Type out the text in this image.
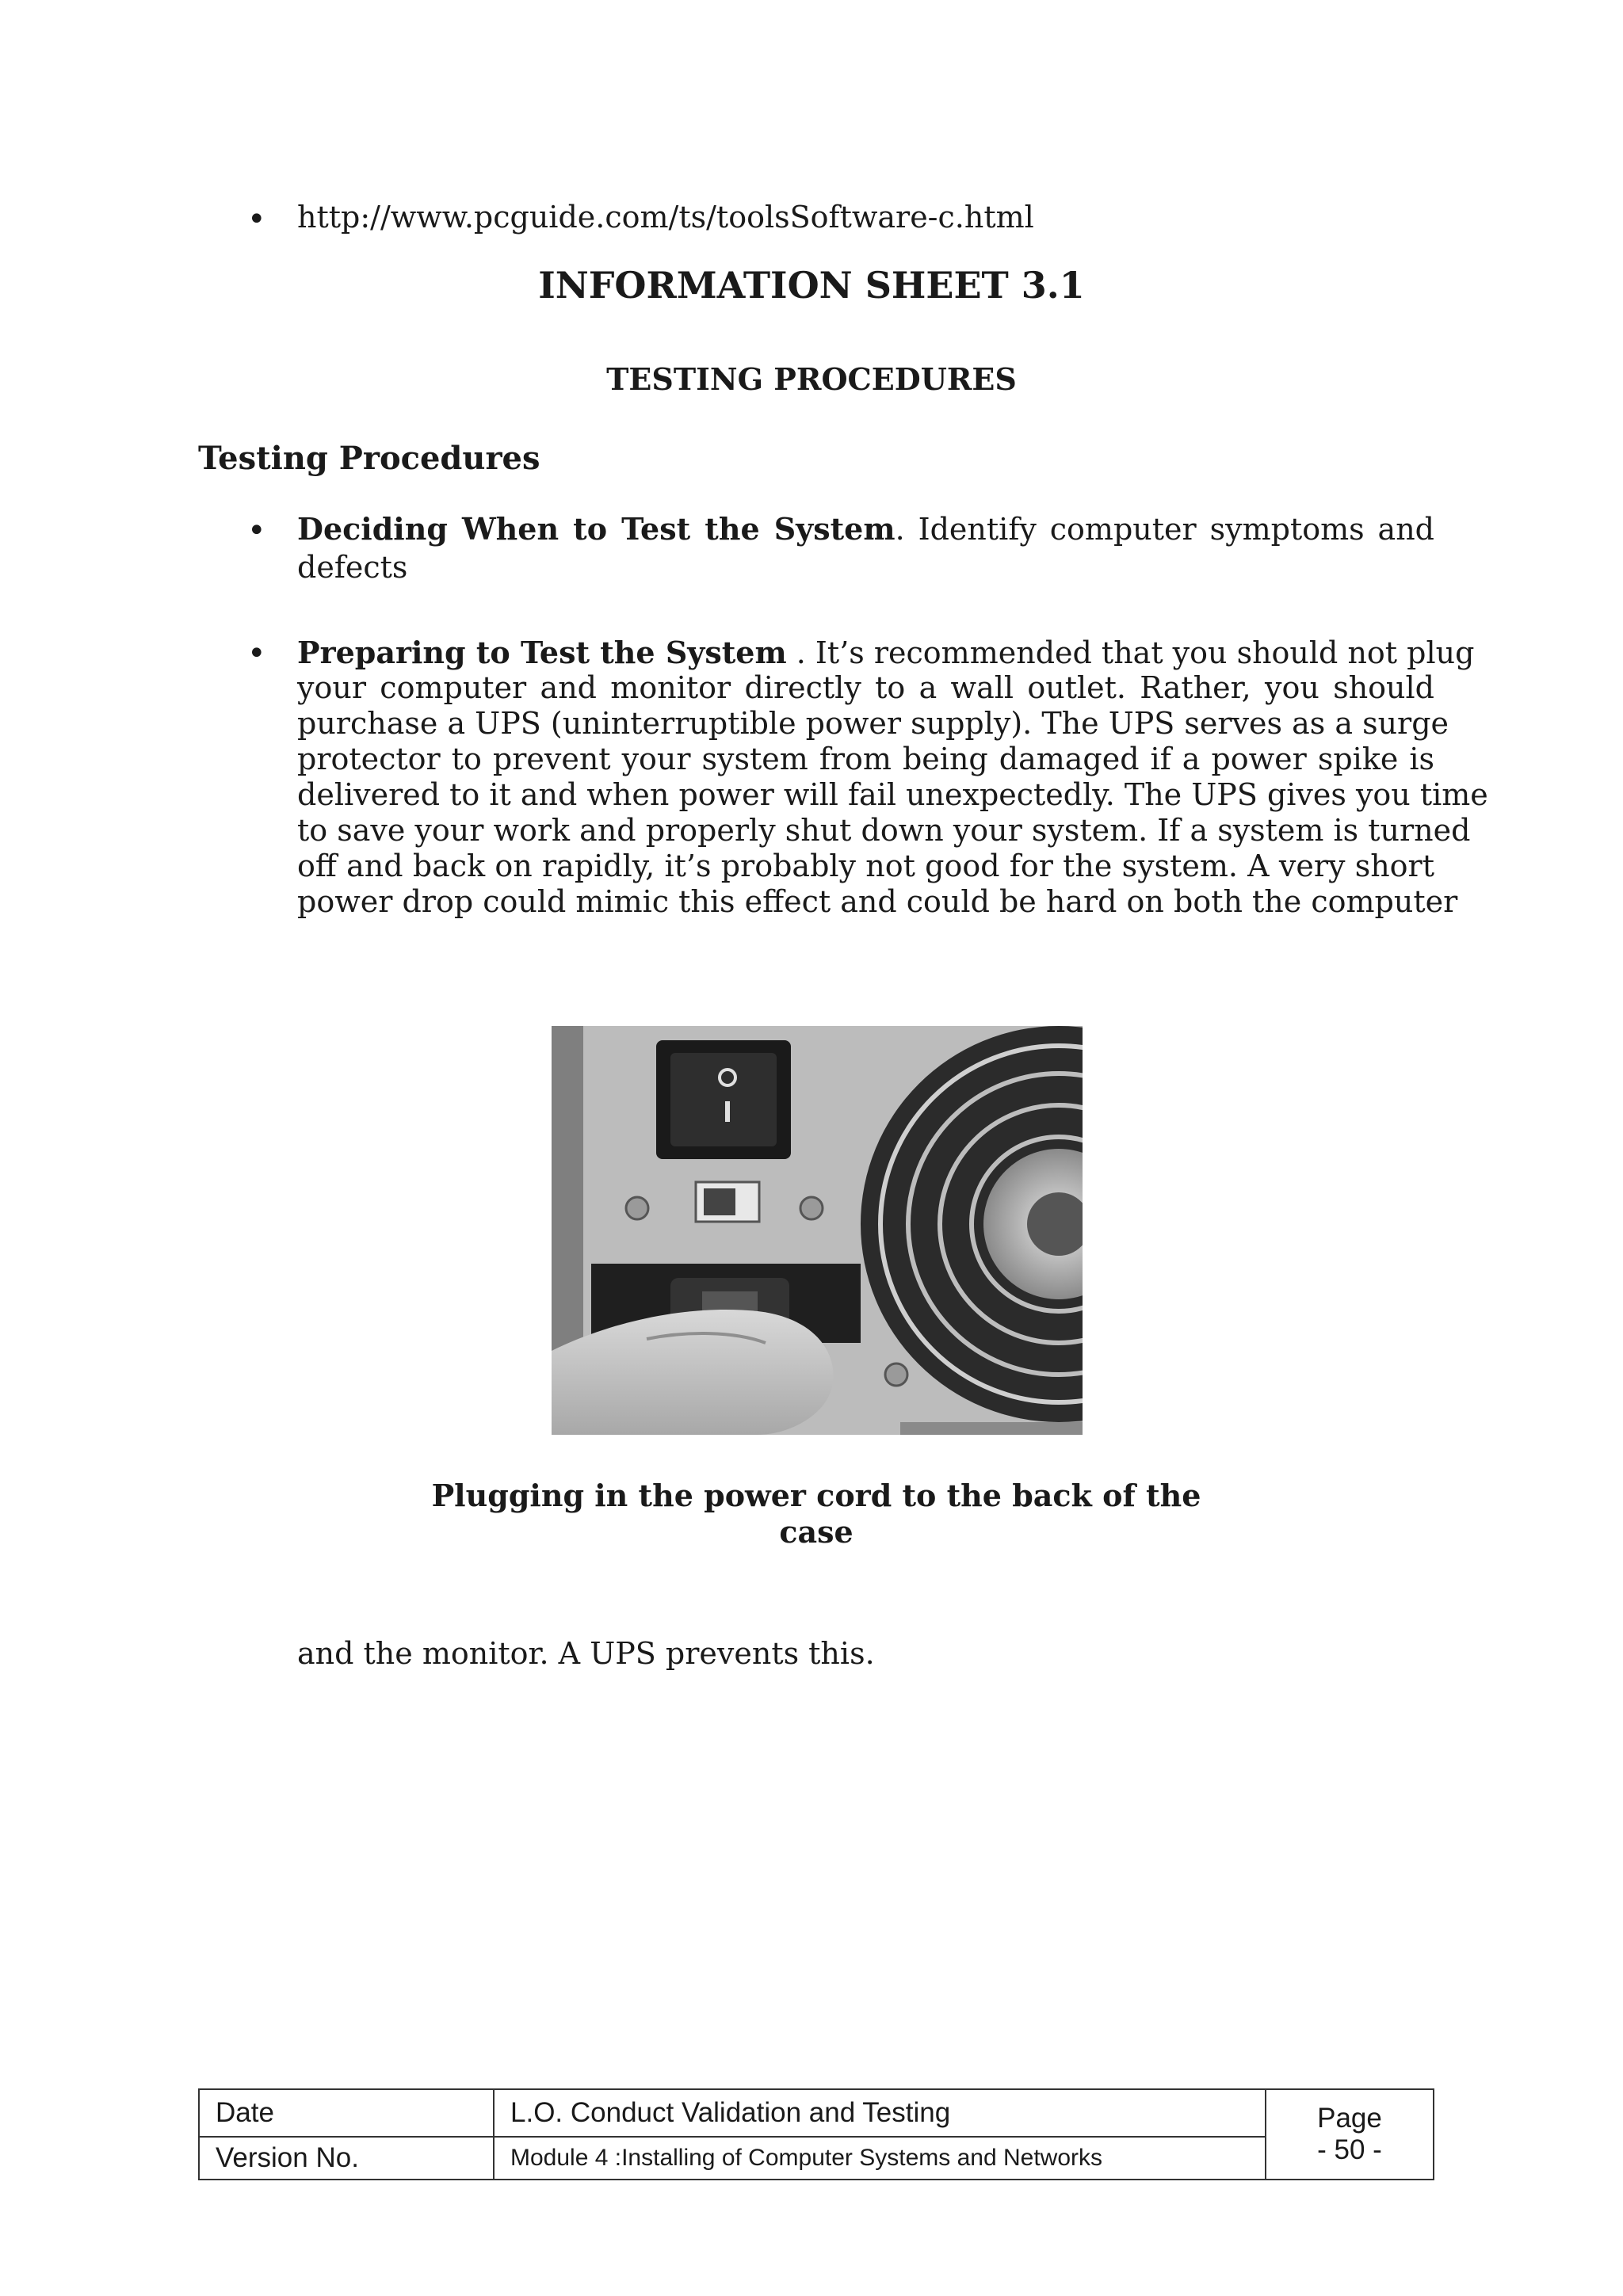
• http://www.pcguide.com/ts/toolsSoftware-c.html
INFORMATION SHEET 3.1
TESTING PROCEDURES
Testing Procedures
• Deciding When to Test the System. Identify computer symptoms and
defects
• Preparing to Test the System . It’s recommended that you should not plug
your computer and monitor directly to a wall outlet. Rather, you should
purchase a UPS (uninterruptible power supply). The UPS serves as a surge
protector to prevent your system from being damaged if a power spike is
delivered to it and when power will fail unexpectedly. The UPS gives you time
to save your work and properly shut down your system. If a system is turned
off and back on rapidly, it’s probably not good for the system. A very short
power drop could mimic this effect and could be hard on both the computer
Plugging in the power cord to the back of the
case
and the monitor. A UPS prevents this.
Date	L.O. Conduct Validation and Testing	Page
- 50 -

Version No.	Module 4 :Installing of Computer Systems and Networks	
